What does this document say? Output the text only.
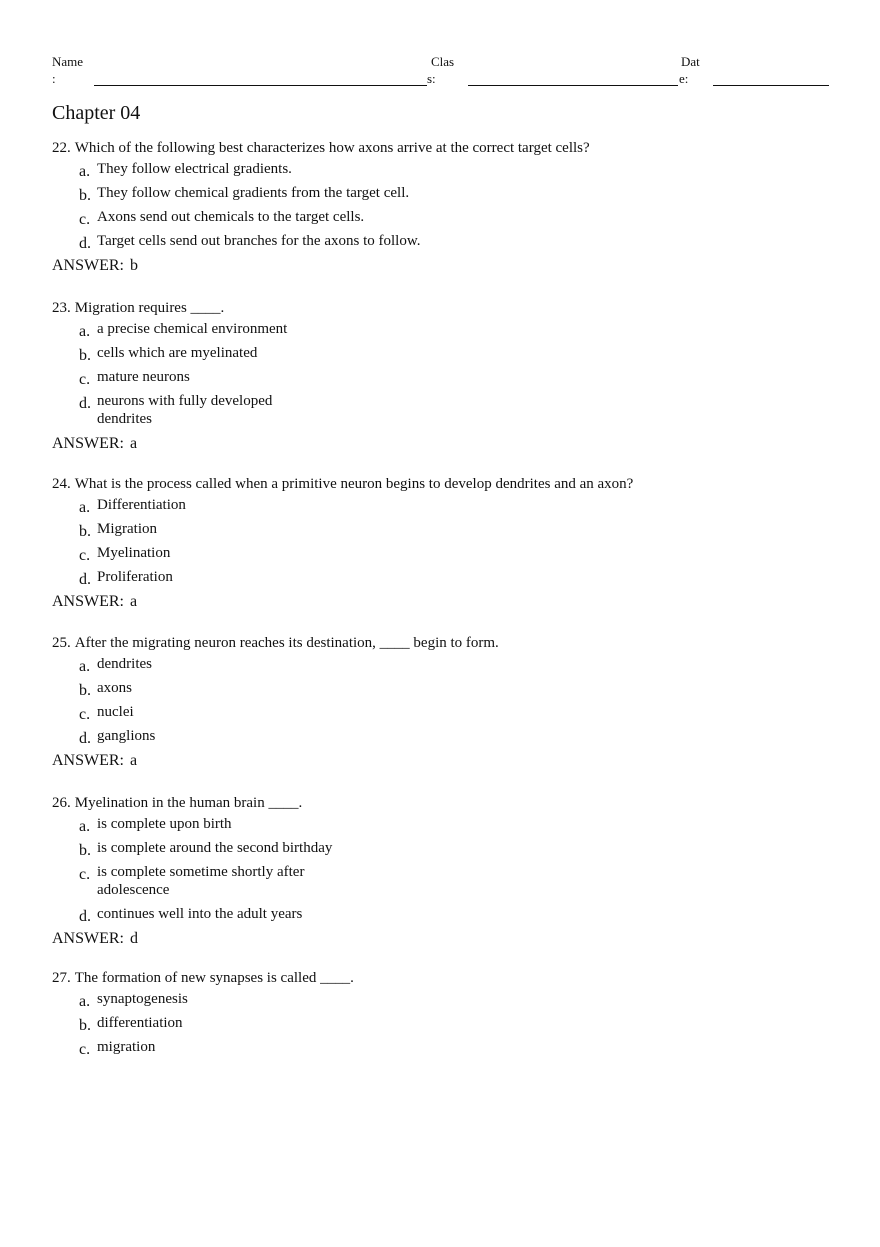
Name
:
Clas
s:
Dat
e:
Chapter 04
22. Which of the following best characterizes how axons arrive at the correct target cells?
a. They follow electrical gradients.
b. They follow chemical gradients from the target cell.
c. Axons send out chemicals to the target cells.
d. Target cells send out branches for the axons to follow.
ANSWER: b
23. Migration requires ____.
a. a precise chemical environment
b. cells which are myelinated
c. mature neurons
d. neurons with fully developed dendrites
ANSWER: a
24. What is the process called when a primitive neuron begins to develop dendrites and an axon?
a. Differentiation
b. Migration
c. Myelination
d. Proliferation
ANSWER: a
25. After the migrating neuron reaches its destination, ____ begin to form.
a. dendrites
b. axons
c. nuclei
d. ganglions
ANSWER: a
26. Myelination in the human brain ____.
a. is complete upon birth
b. is complete around the second birthday
c. is complete sometime shortly after adolescence
d. continues well into the adult years
ANSWER: d
27. The formation of new synapses is called ____.
a. synaptogenesis
b. differentiation
c. migration
